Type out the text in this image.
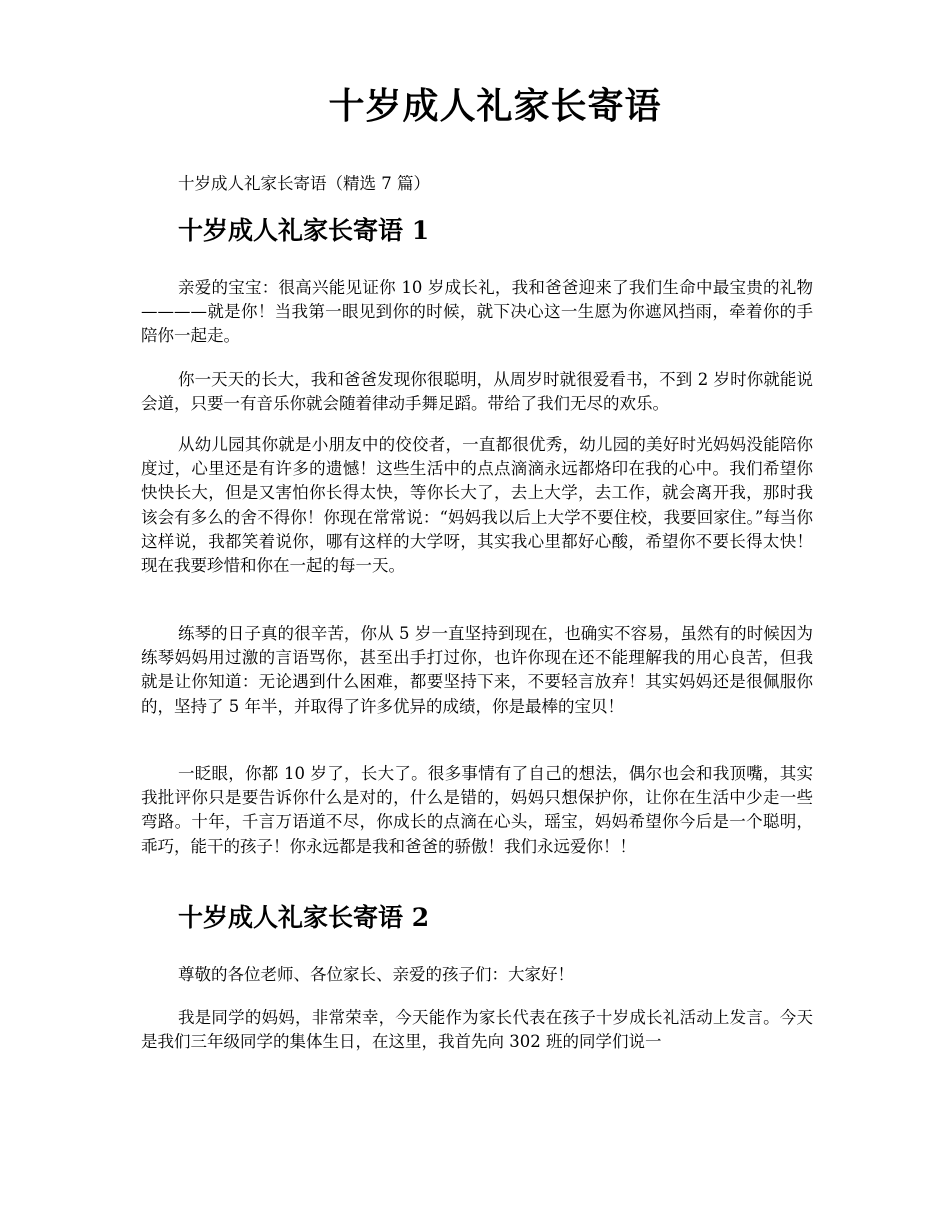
十岁成人礼家长寄语

十岁成人礼家长寄语（精选 7 篇）

十岁成人礼家长寄语 1

亲爱的宝宝：很高兴能见证你 10 岁成长礼，我和爸爸迎来了我们生命中最宝贵的礼物————就是你！当我第一眼见到你的时候，就下决心这一生愿为你遮风挡雨，牵着你的手陪你一起走。

你一天天的长大，我和爸爸发现你很聪明，从周岁时就很爱看书，不到 2 岁时你就能说会道，只要一有音乐你就会随着律动手舞足蹈。带给了我们无尽的欢乐。

从幼儿园其你就是小朋友中的佼佼者，一直都很优秀，幼儿园的美好时光妈妈没能陪你度过，心里还是有许多的遗憾！这些生活中的点点滴滴永远都烙印在我的心中。我们希望你快快长大，但是又害怕你长得太快，等你长大了，去上大学，去工作，就会离开我，那时我该会有多么的舍不得你！你现在常常说：“妈妈我以后上大学不要住校，我要回家住。”每当你这样说，我都笑着说你，哪有这样的大学呀，其实我心里都好心酸，希望你不要长得太快！现在我要珍惜和你在一起的每一天。

练琴的日子真的很辛苦，你从 5 岁一直坚持到现在，也确实不容易，虽然有的时候因为练琴妈妈用过激的言语骂你，甚至出手打过你，也许你现在还不能理解我的用心良苦，但我就是让你知道：无论遇到什么困难，都要坚持下来，不要轻言放弃！其实妈妈还是很佩服你的，坚持了 5 年半，并取得了许多优异的成绩，你是最棒的宝贝！

一眨眼，你都 10 岁了，长大了。很多事情有了自己的想法，偶尔也会和我顶嘴，其实我批评你只是要告诉你什么是对的，什么是错的，妈妈只想保护你，让你在生活中少走一些弯路。十年，千言万语道不尽，你成长的点滴在心头，瑶宝，妈妈希望你今后是一个聪明，乖巧，能干的孩子！你永远都是我和爸爸的骄傲！我们永远爱你！！

十岁成人礼家长寄语 2

尊敬的各位老师、各位家长、亲爱的孩子们：大家好！

我是同学的妈妈，非常荣幸，今天能作为家长代表在孩子十岁成长礼活动上发言。今天是我们三年级同学的集体生日，在这里，我首先向 302 班的同学们说一
